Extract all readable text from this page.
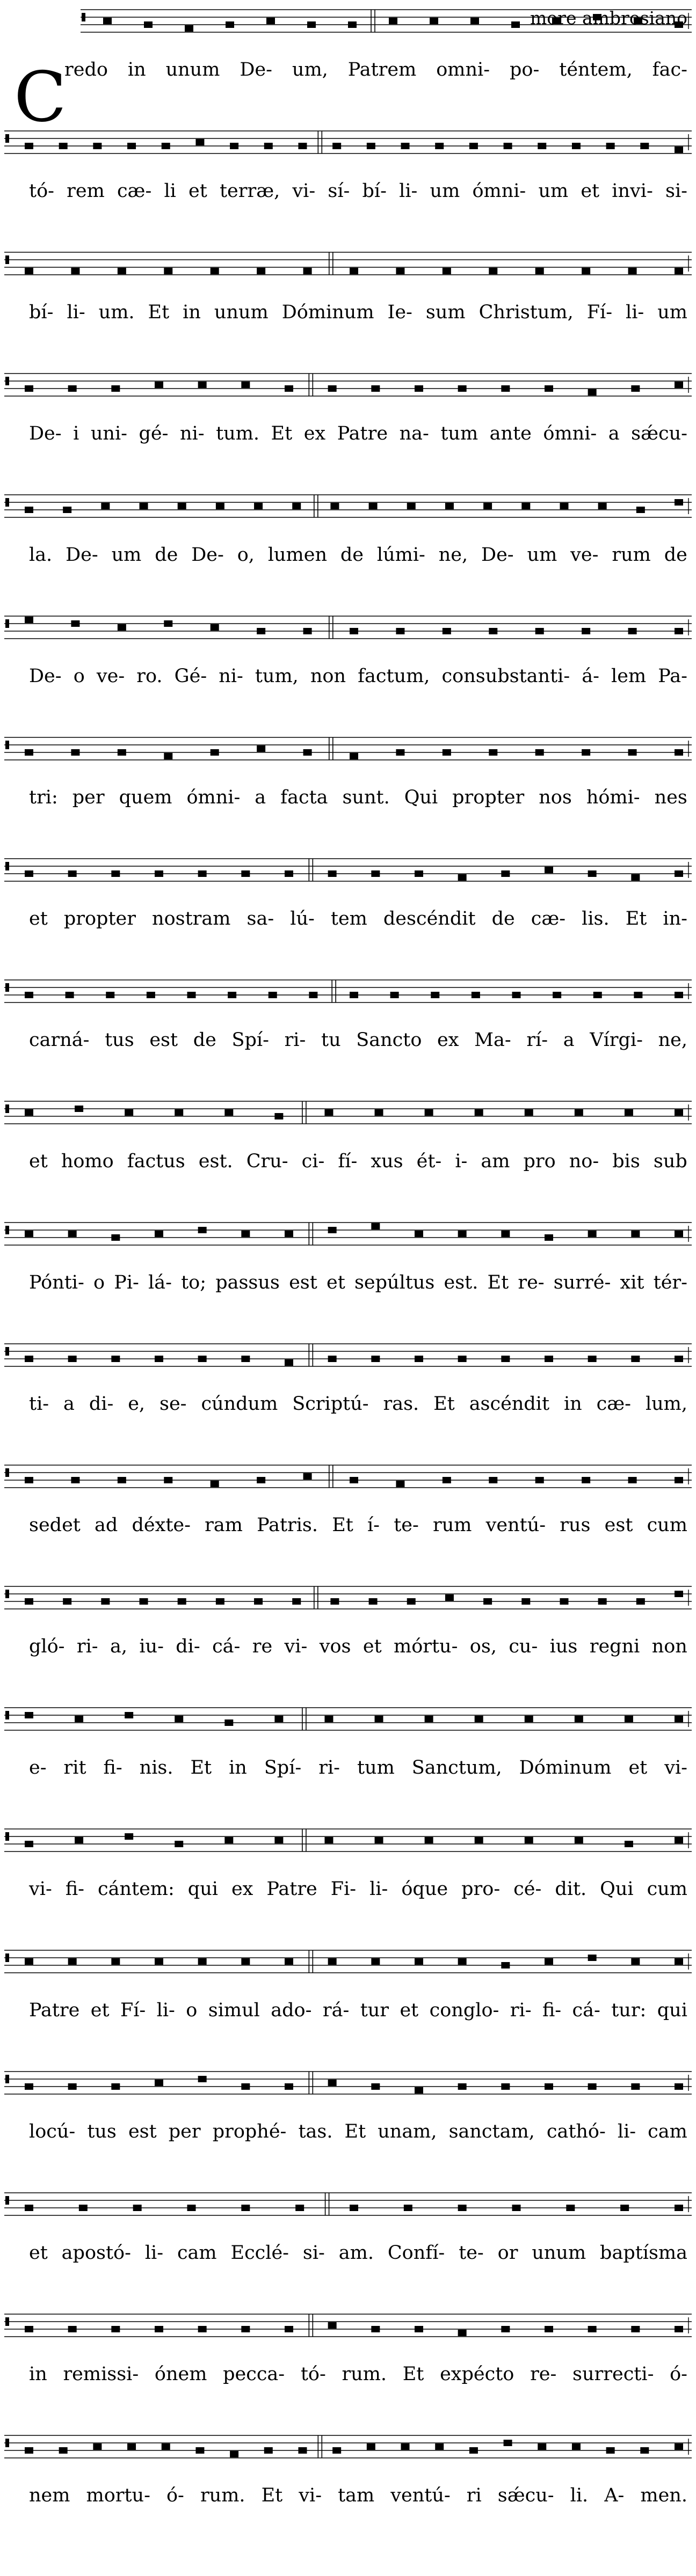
more ambrosiano
C
redo in unum De- um, Patrem omni- po- téntem, fac-
tó- rem cæ- li et terræ, vi- sí- bí- li- um ómni- um et invi- si-
bí- li- um. Et in unum Dóminum Ie- sum Christum, Fí- li- um
De- i uni- gé- ni- tum. Et ex Patre na- tum ante ómni- a sǽcu-
la. De- um de De- o, lumen de lúmi- ne, De- um ve- rum de
De- o ve- ro. Gé- ni- tum, non factum, consubstanti- á- lem Pa-
tri: per quem ómni- a facta sunt. Qui propter nos hómi- nes
et propter nostram sa- lú- tem descéndit de cæ- lis. Et in-
carná- tus est de Spí- ri- tu Sancto ex Ma- rí- a Vírgi- ne,
et homo factus est. Cru- ci- fí- xus ét- i- am pro no- bis sub
Pónti- o Pi- lá- to; passus est et sepúltus est. Et re- surré- xit tér-
ti- a di- e, se- cúndum Scriptú- ras. Et ascéndit in cæ- lum,
sedet ad déxte- ram Patris. Et í- te- rum ventú- rus est cum
gló- ri- a, iu- di- cá- re vi- vos et mórtu- os, cu- ius regni non
e- rit fi- nis. Et in Spí- ri- tum Sanctum, Dóminum et vi-
vi- fi- cántem: qui ex Patre Fi- li- óque pro- cé- dit. Qui cum
Patre et Fí- li- o simul ado- rá- tur et conglo- ri- fi- cá- tur: qui
locú- tus est per prophé- tas. Et unam, sanctam, cathó- li- cam
et apostó- li- cam Ecclé- si- am. Confí- te- or unum baptísma
in remissi- ónem pecca- tó- rum. Et expécto re- surrecti- ó-
nem mortu- ó- rum. Et vi- tam ventú- ri sǽcu- li. A- men.
